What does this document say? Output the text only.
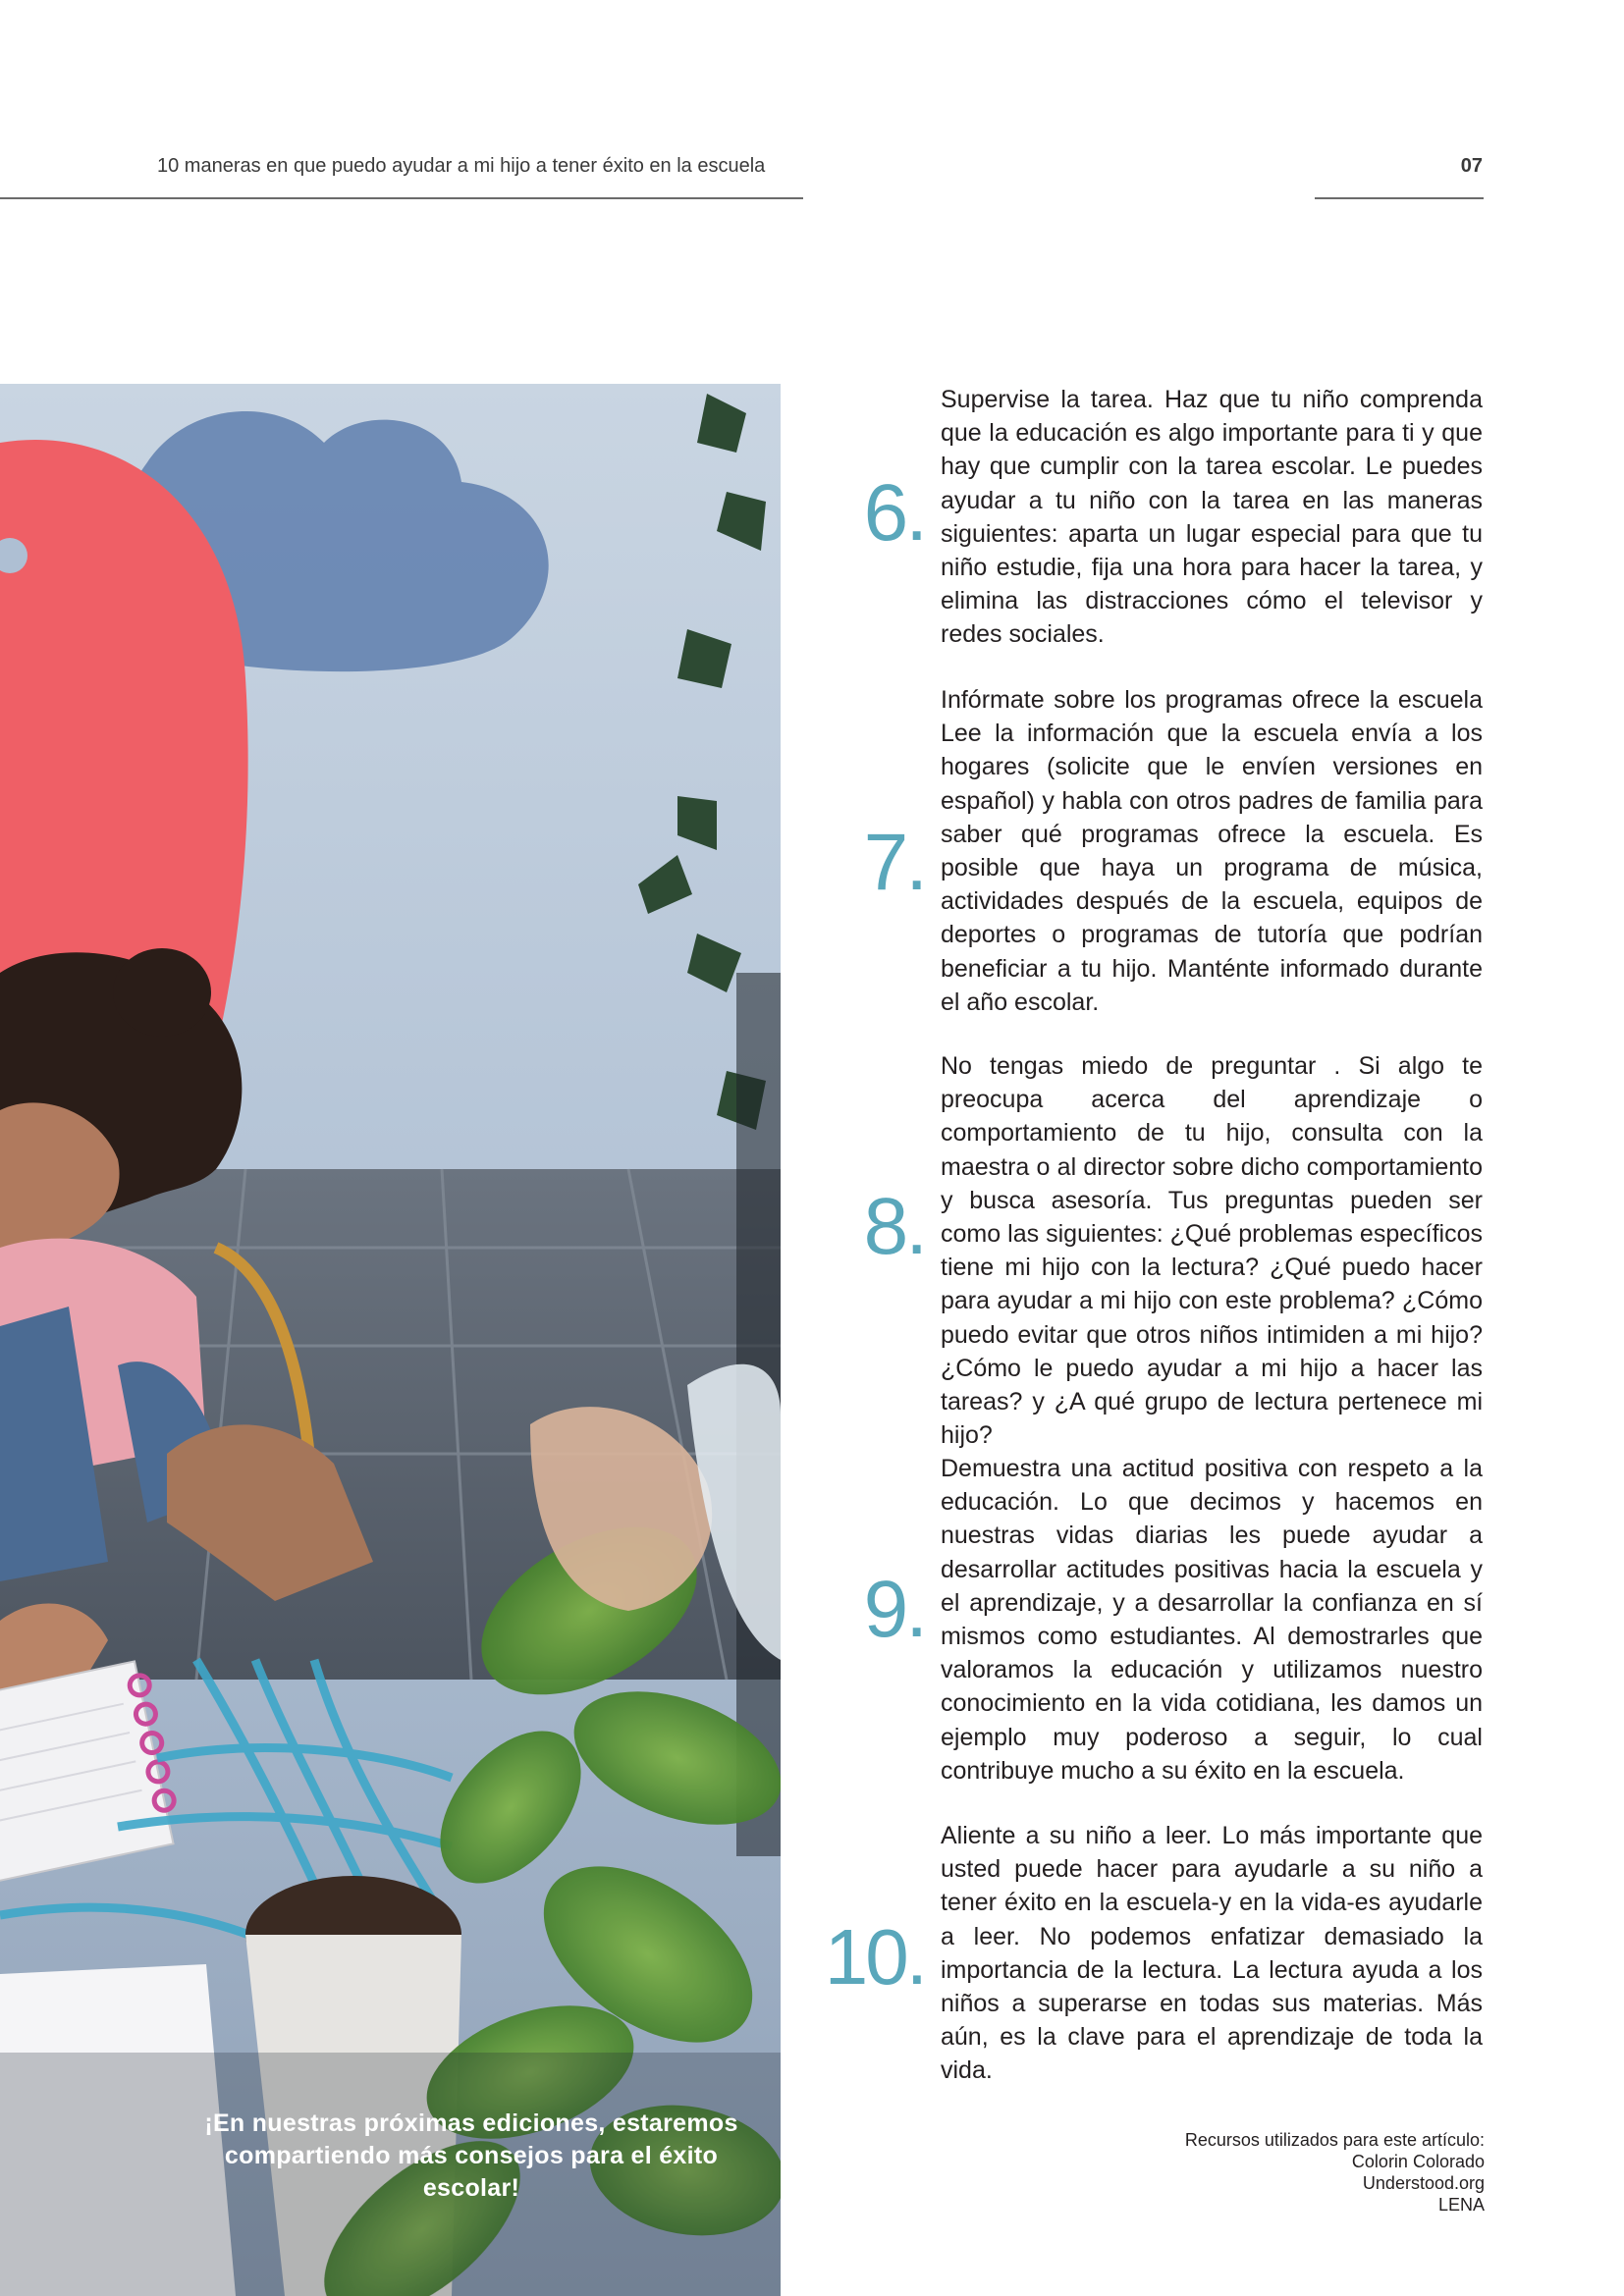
10 maneras en que puedo ayudar a mi hijo a tener éxito en la escuela	07
¡En nuestras próximas ediciones, estaremos compartiendo más consejos para el éxito escolar!
6.
Supervise la tarea. Haz que tu niño comprenda que la educación es algo importante para ti y que hay que cumplir con la tarea escolar. Le puedes ayudar a tu niño con la tarea en las maneras siguientes: aparta un lugar especial para que tu niño estudie, fija una hora para hacer la tarea, y elimina las distracciones cómo el televisor y redes sociales.
7.
Infórmate sobre los programas ofrece la escuela Lee la información que la escuela envía a los hogares (solicite que le envíen versiones en español) y habla con otros padres de familia para saber qué programas ofrece la escuela. Es posible que haya un programa de música, actividades después de la escuela, equipos de deportes o programas de tutoría que podrían beneficiar a tu hijo. Manténte informado durante el año escolar.
8.
No tengas miedo de preguntar . Si algo te preocupa acerca del aprendizaje o comportamiento de tu hijo, consulta con la maestra o al director sobre dicho comportamiento y busca asesoría. Tus preguntas pueden ser como las siguientes: ¿Qué problemas específicos tiene mi hijo con la lectura? ¿Qué puedo hacer para ayudar a mi hijo con este problema? ¿Cómo puedo evitar que otros niños intimiden a mi hijo? ¿Cómo le puedo ayudar a mi hijo a hacer las tareas? y ¿A qué grupo de lectura pertenece mi hijo?
9.
Demuestra una actitud positiva con respeto a la educación. Lo que decimos y hacemos en nuestras vidas diarias les puede ayudar a desarrollar actitudes positivas hacia la escuela y el aprendizaje, y a desarrollar la confianza en sí mismos como estudiantes. Al demostrarles que valoramos la educación y utilizamos nuestro conocimiento en la vida cotidiana, les damos un ejemplo muy poderoso a seguir, lo cual contribuye mucho a su éxito en la escuela.
10.
Aliente a su niño a leer. Lo más importante que usted puede hacer para ayudarle a su niño a tener éxito en la escuela-y en la vida-es ayudarle a leer. No podemos enfatizar demasiado la importancia de la lectura. La lectura ayuda a los niños a superarse en todas sus materias. Más aún, es la clave para el aprendizaje de toda la vida.
Recursos utilizados para este artículo:
Colorin Colorado
Understood.org
LENA
